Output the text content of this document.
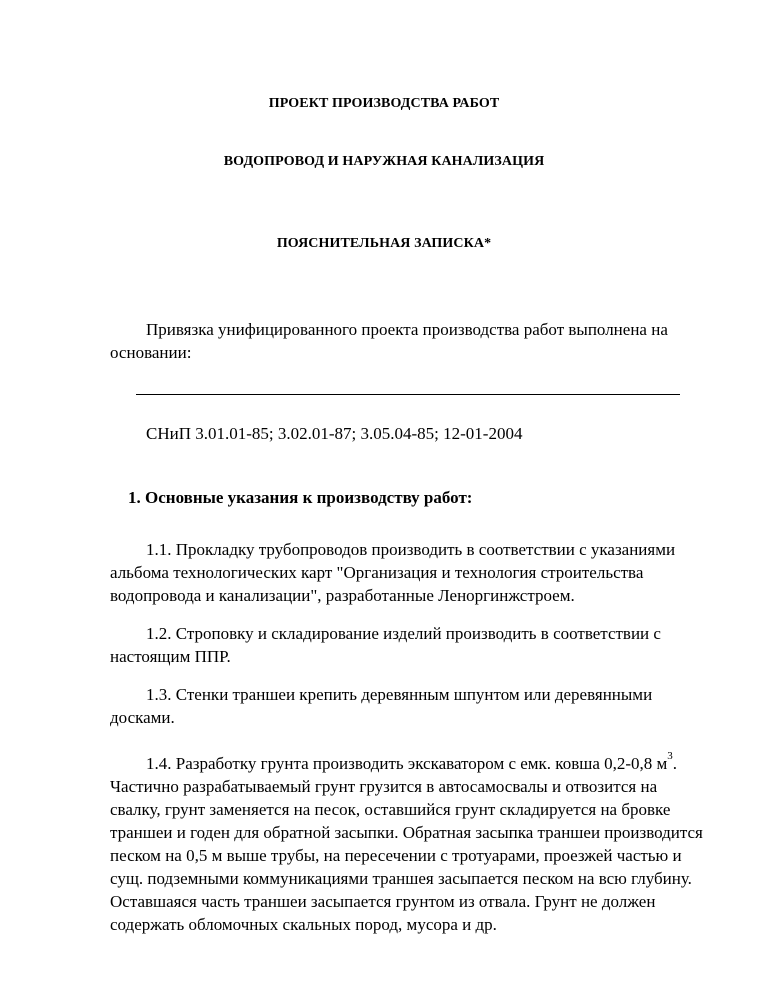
ПРОЕКТ ПРОИЗВОДСТВА РАБОТ
ВОДОПРОВОД И НАРУЖНАЯ КАНАЛИЗАЦИЯ
ПОЯСНИТЕЛЬНАЯ ЗАПИСКА*

Привязка унифицированного проекта производства работ выполнена на основании:

СНиП 3.01.01-85; 3.02.01-87; 3.05.04-85; 12-01-2004
1. Основные указания к производству работ:

1.1. Прокладку трубопроводов производить в соответствии с указаниями альбома технологических карт "Организация и технология строительства водопровода и канализации", разработанные Леноргинжстроем.

1.2. Строповку и складирование изделий производить в соответствии с настоящим ППР.

1.3. Стенки траншеи крепить деревянным шпунтом или деревянными досками.

1.4. Разработку грунта производить экскаватором с емк. ковша 0,2-0,8 $м^3$. Частично разрабатываемый грунт грузится в автосамосвалы и отвозится на свалку, грунт заменяется на песок, оставшийся грунт складируется на бровке траншеи и годен для обратной засыпки. Обратная засыпка траншеи производится песком на 0,5 м выше трубы, на пересечении с тротуарами, проезжей частью и сущ. подземными коммуникациями траншея засыпается песком на всю глубину. Оставшаяся часть траншеи засыпается грунтом из отвала. Грунт не должен содержать обломочных скальных пород, мусора и др.
